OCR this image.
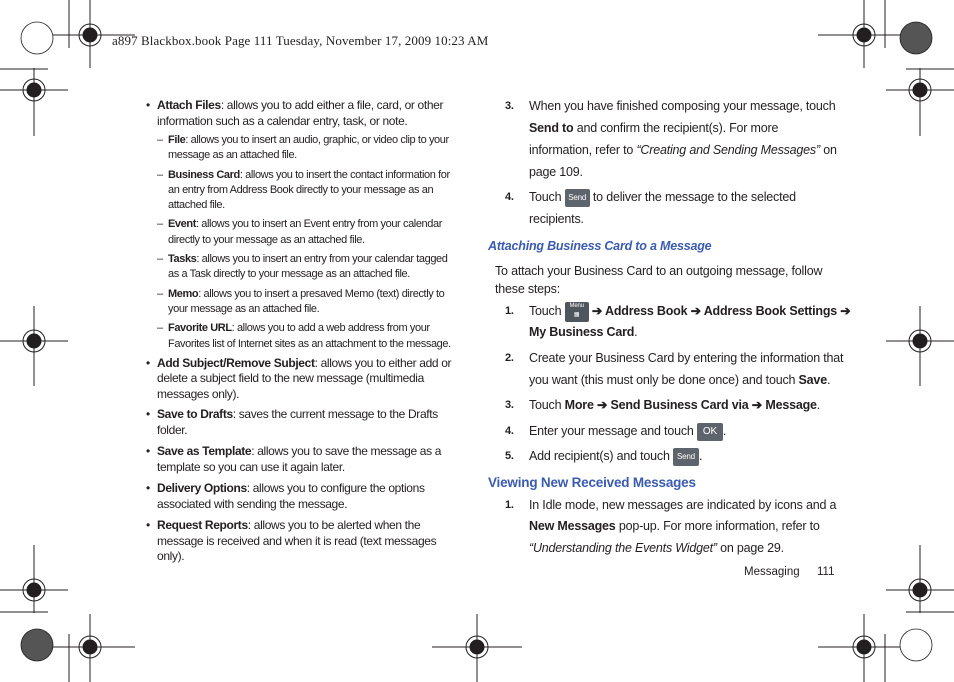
a897 Blackbox.book Page 111 Tuesday, November 17, 2009 10:23 AM

• Attach Files: allows you to add either a file, card, or other information such as a calendar entry, task, or note.

– File: allows you to insert an audio, graphic, or video clip to your message as an attached file.

– Business Card: allows you to insert the contact information for an entry from Address Book directly to your message as an attached file.

– Event: allows you to insert an Event entry from your calendar directly to your message as an attached file.

– Tasks: allows you to insert an entry from your calendar tagged as a Task directly to your message as an attached file.

– Memo: allows you to insert a presaved Memo (text) directly to your message as an attached file.

– Favorite URL: allows you to add a web address from your Favorites list of Internet sites as an attachment to the message.

• Add Subject/Remove Subject: allows you to either add or delete a subject field to the new message (multimedia messages only).

• Save to Drafts: saves the current message to the Drafts folder.

• Save as Template: allows you to save the message as a template so you can use it again later.

• Delivery Options: allows you to configure the options associated with sending the message.

• Request Reports: allows you to be alerted when the message is received and when it is read (text messages only).

3. When you have finished composing your message, touch

Send to and confirm the recipient(s). For more

information, refer to “Creating and Sending Messages” on

page 109.

4. Touch Send to deliver the message to the selected

recipients.

Attaching Business Card to a Message

To attach your Business Card to an outgoing message, follow

these steps:

1. Touch Menu
▦ ➔ Address Book ➔ Address Book Settings ➔

My Business Card.

2. Create your Business Card by entering the information that

you want (this must only be done once) and touch Save.

3. Touch More ➔ Send Business Card via ➔ Message.

4. Enter your message and touch OK .

5. Add recipient(s) and touch Send .

Viewing New Received Messages

1. In Idle mode, new messages are indicated by icons and a

New Messages pop-up. For more information, refer to

“Understanding the Events Widget” on page 29.

Messaging 111
